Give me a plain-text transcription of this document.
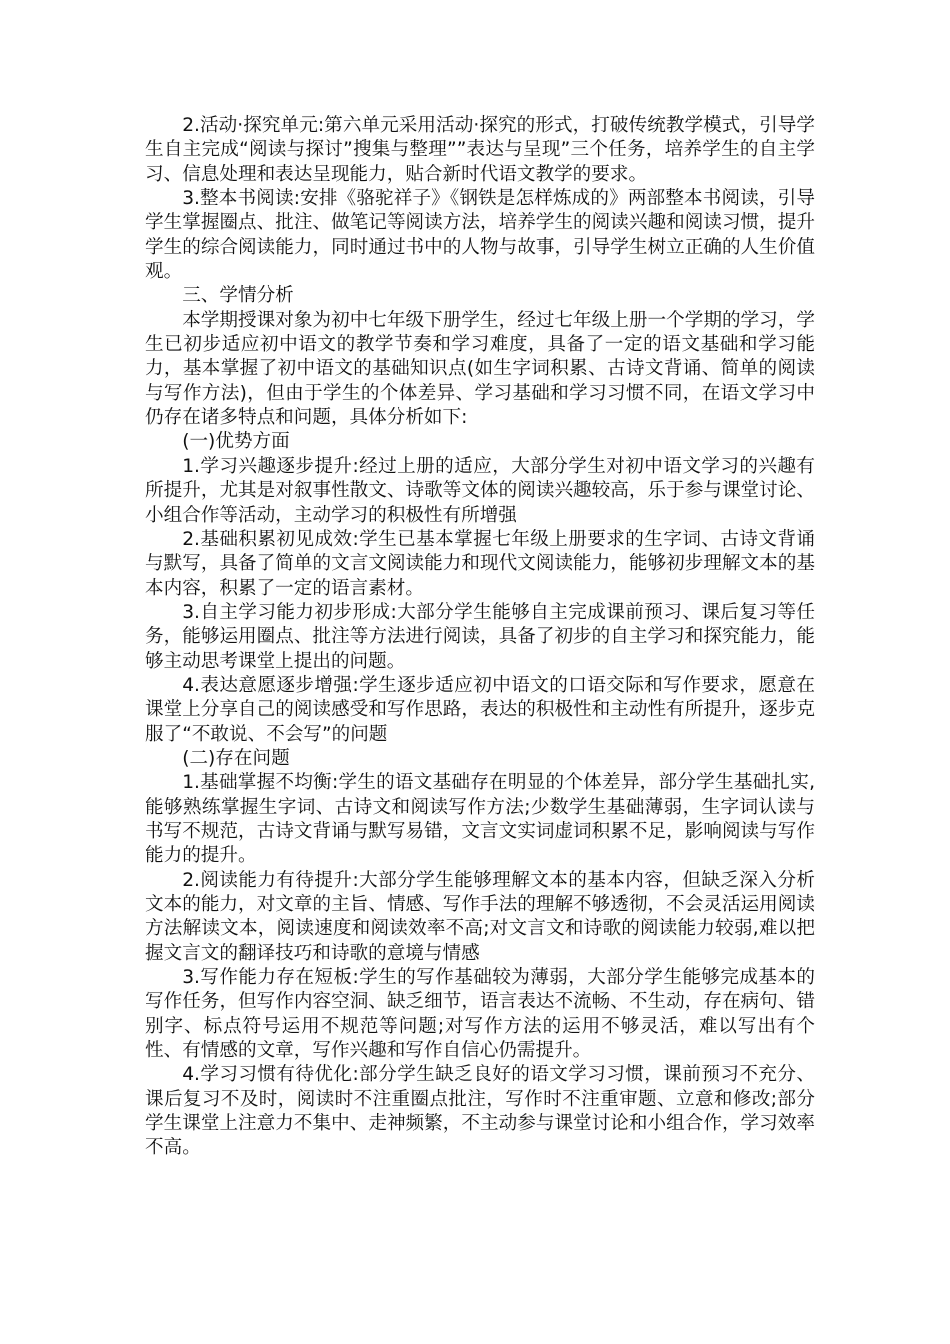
2.活动·探究单元:第六单元采用活动·探究的形式，打破传统教学模式，引导学生自主完成“阅读与探讨”搜集与整理””表达与呈现”三个任务，培养学生的自主学习、信息处理和表达呈现能力，贴合新时代语文教学的要求。

3.整本书阅读:安排《骆驼祥子》《钢铁是怎样炼成的》两部整本书阅读，引导学生掌握圈点、批注、做笔记等阅读方法，培养学生的阅读兴趣和阅读习惯，提升学生的综合阅读能力，同时通过书中的人物与故事，引导学生树立正确的人生价值观。

三、学情分析

本学期授课对象为初中七年级下册学生，经过七年级上册一个学期的学习，学生已初步适应初中语文的教学节奏和学习难度，具备了一定的语文基础和学习能力，基本掌握了初中语文的基础知识点(如生字词积累、古诗文背诵、简单的阅读与写作方法)，但由于学生的个体差异、学习基础和学习习惯不同，在语文学习中仍存在诸多特点和问题，具体分析如下:

(一)优势方面

1.学习兴趣逐步提升:经过上册的适应，大部分学生对初中语文学习的兴趣有所提升，尤其是对叙事性散文、诗歌等文体的阅读兴趣较高，乐于参与课堂讨论、小组合作等活动，主动学习的积极性有所增强

2.基础积累初见成效:学生已基本掌握七年级上册要求的生字词、古诗文背诵与默写，具备了简单的文言文阅读能力和现代文阅读能力，能够初步理解文本的基本内容，积累了一定的语言素材。

3.自主学习能力初步形成:大部分学生能够自主完成课前预习、课后复习等任务，能够运用圈点、批注等方法进行阅读，具备了初步的自主学习和探究能力，能够主动思考课堂上提出的问题。

4.表达意愿逐步增强:学生逐步适应初中语文的口语交际和写作要求，愿意在课堂上分享自己的阅读感受和写作思路，表达的积极性和主动性有所提升，逐步克服了“不敢说、不会写”的问题

(二)存在问题

1.基础掌握不均衡:学生的语文基础存在明显的个体差异，部分学生基础扎实,能够熟练掌握生字词、古诗文和阅读写作方法;少数学生基础薄弱，生字词认读与书写不规范，古诗文背诵与默写易错，文言文实词虚词积累不足，影响阅读与写作能力的提升。

2.阅读能力有待提升:大部分学生能够理解文本的基本内容，但缺乏深入分析文本的能力，对文章的主旨、情感、写作手法的理解不够透彻，不会灵活运用阅读方法解读文本，阅读速度和阅读效率不高;对文言文和诗歌的阅读能力较弱,难以把握文言文的翻译技巧和诗歌的意境与情感

3.写作能力存在短板:学生的写作基础较为薄弱，大部分学生能够完成基本的写作任务，但写作内容空洞、缺乏细节，语言表达不流畅、不生动，存在病句、错别字、标点符号运用不规范等问题;对写作方法的运用不够灵活，难以写出有个性、有情感的文章，写作兴趣和写作自信心仍需提升。

4.学习习惯有待优化:部分学生缺乏良好的语文学习习惯，课前预习不充分、课后复习不及时，阅读时不注重圈点批注，写作时不注重审题、立意和修改;部分学生课堂上注意力不集中、走神频繁，不主动参与课堂讨论和小组合作，学习效率不高。
